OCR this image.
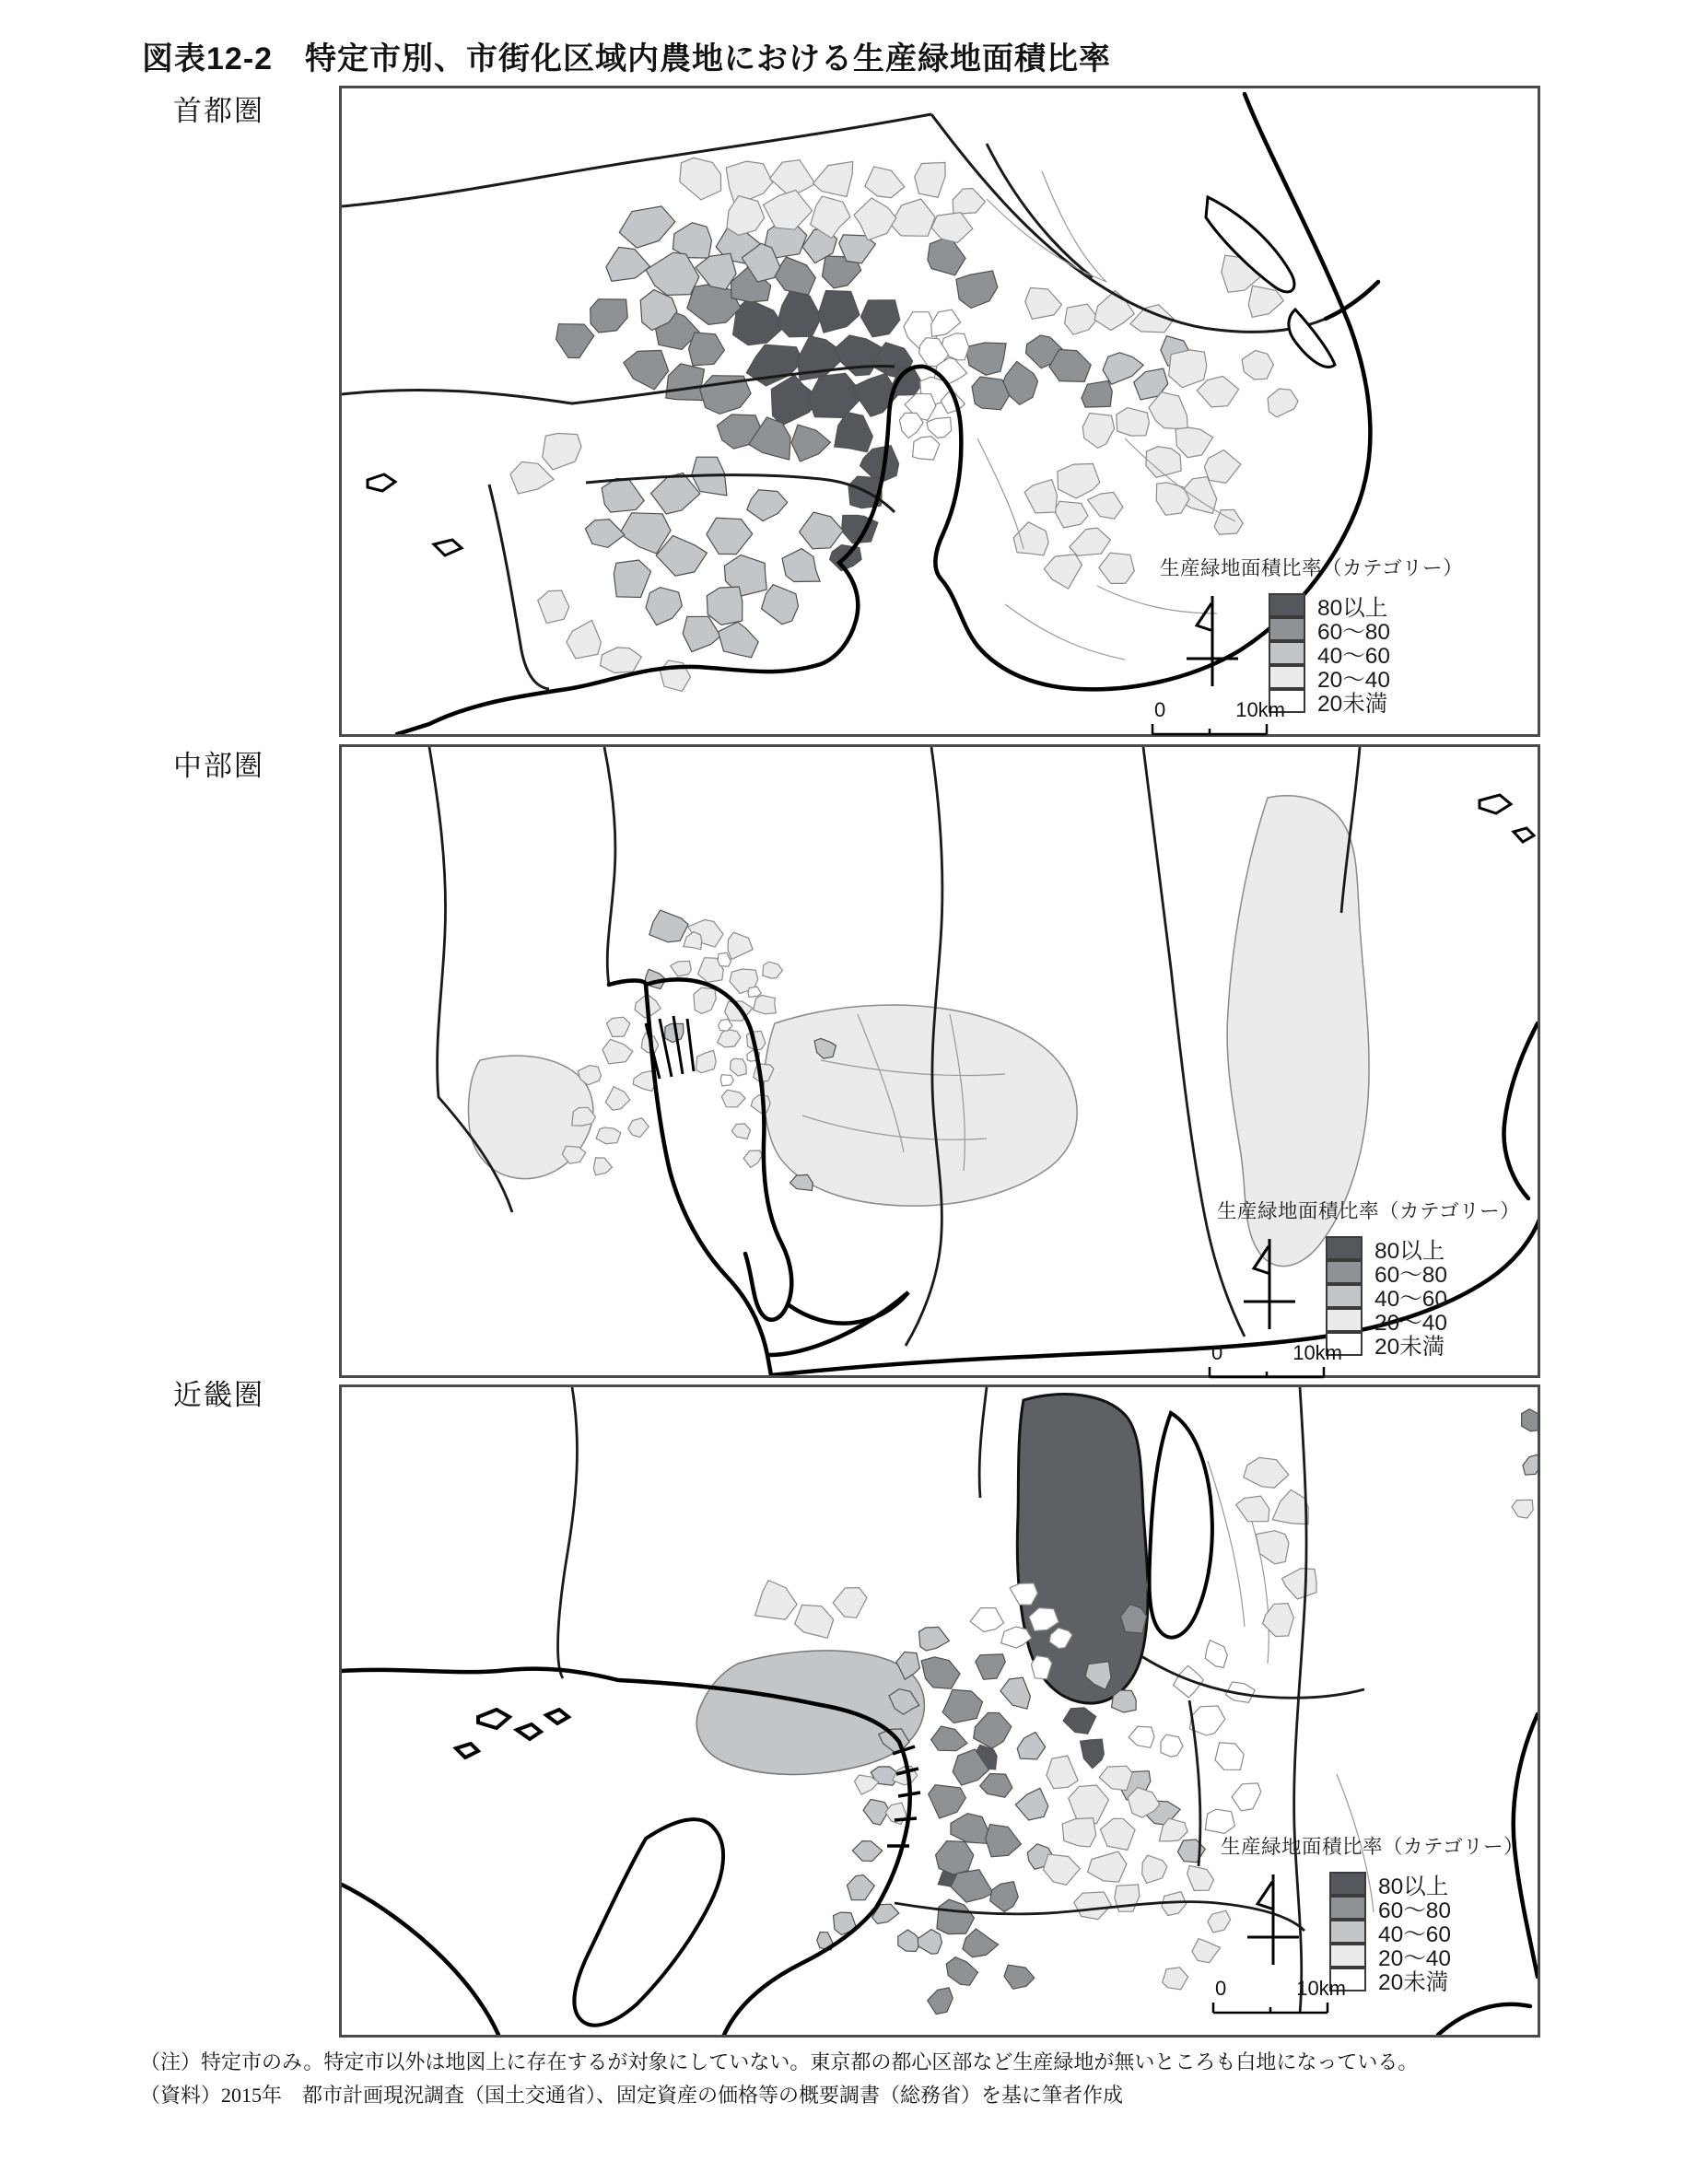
図表12-2　特定市別、市街化区域内農地における生産緑地面積比率
首都圏
中部圏
近畿圏
生産緑地面積比率（カテゴリー）
80以上
60～80
40～60
20～40
20未満
0	10km
生産緑地面積比率（カテゴリー）
80以上
60～80
40～60
20～40
20未満
0	10km
生産緑地面積比率（カテゴリー）
80以上
60～80
40～60
20～40
20未満
0	10km
（注）特定市のみ。特定市以外は地図上に存在するが対象にしていない。東京都の都心区部など生産緑地が無いところも白地になっている。
（資料）2015年　都市計画現況調査（国土交通省）、固定資産の価格等の概要調書（総務省）を基に筆者作成
